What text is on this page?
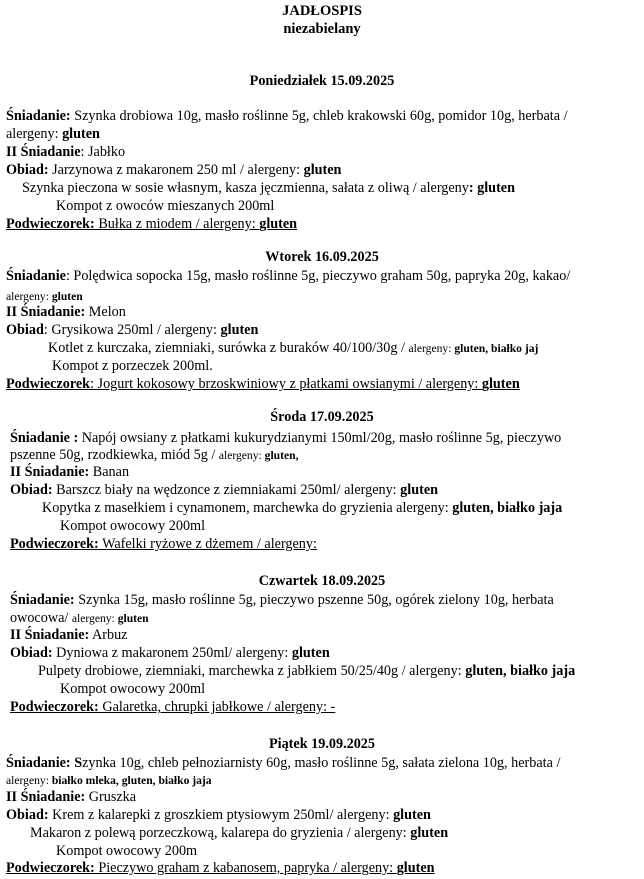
JADŁOSPIS
niezabielany
Poniedziałek 15.09.2025
Śniadanie: Szynka drobiowa 10g, masło roślinne 5g, chleb krakowski 60g, pomidor 10g, herbata /
alergeny: gluten
II Śniadanie: Jabłko
Obiad: Jarzynowa z makaronem 250 ml / alergeny: gluten
Szynka pieczona w sosie własnym, kasza jęczmienna, sałata z oliwą / alergeny: gluten
Kompot z owoców mieszanych 200ml
Podwieczorek: Bułka z miodem / alergeny: gluten
Wtorek 16.09.2025
Śniadanie: Polędwica sopocka 15g, masło roślinne 5g, pieczywo graham 50g, papryka 20g, kakao/
alergeny: gluten
II Śniadanie: Melon
Obiad: Grysikowa 250ml / alergeny: gluten
Kotlet z kurczaka, ziemniaki, surówka z buraków 40/100/30g / alergeny: gluten, białko jaj
Kompot z porzeczek 200ml.
Podwieczorek: Jogurt kokosowy brzoskwiniowy z płatkami owsianymi / alergeny: gluten
Środa 17.09.2025
Śniadanie : Napój owsiany z płatkami kukurydzianymi 150ml/20g, masło roślinne 5g, pieczywo
pszenne 50g, rzodkiewka, miód 5g / alergeny: gluten,
II Śniadanie: Banan
Obiad: Barszcz biały na wędzonce z ziemniakami 250ml/ alergeny: gluten
Kopytka z masełkiem i cynamonem, marchewka do gryzienia alergeny: gluten, białko jaja
Kompot owocowy 200ml
Podwieczorek: Wafelki ryżowe z dżemem / alergeny:
Czwartek 18.09.2025
Śniadanie: Szynka 15g, masło roślinne 5g, pieczywo pszenne 50g, ogórek zielony 10g, herbata
owocowa/ alergeny: gluten
II Śniadanie: Arbuz
Obiad: Dyniowa z makaronem 250ml/ alergeny: gluten
Pulpety drobiowe, ziemniaki, marchewka z jabłkiem 50/25/40g / alergeny: gluten, białko jaja
Kompot owocowy 200ml
Podwieczorek: Galaretka, chrupki jabłkowe / alergeny: -
Piątek 19.09.2025
Śniadanie: Szynka 10g, chleb pełnoziarnisty 60g, masło roślinne 5g, sałata zielona 10g, herbata /
alergeny: białko mleka, gluten, białko jaja
II Śniadanie: Gruszka
Obiad: Krem z kalarepki z groszkiem ptysiowym 250ml/ alergeny: gluten
Makaron z polewą porzeczkową, kalarepa do gryzienia / alergeny: gluten
Kompot owocowy 200m
Podwieczorek: Pieczywo graham z kabanosem, papryka / alergeny: gluten
